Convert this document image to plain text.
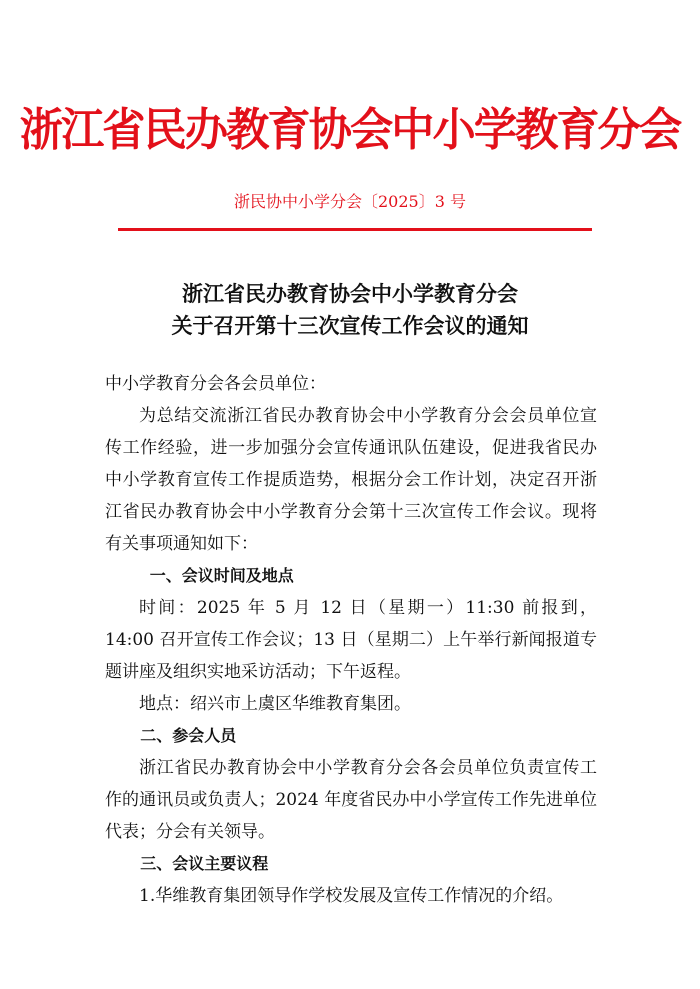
浙江省民办教育协会中小学教育分会
浙民协中小学分会〔2025〕3 号
浙江省民办教育协会中小学教育分会
关于召开第十三次宣传工作会议的通知

中小学教育分会各会员单位：

为总结交流浙江省民办教育协会中小学教育分会会员单位宣传工作经验，进一步加强分会宣传通讯队伍建设，促进我省民办中小学教育宣传工作提质造势，根据分会工作计划，决定召开浙江省民办教育协会中小学教育分会第十三次宣传工作会议。现将有关事项通知如下：

一、会议时间及地点

时间：2025 年 5 月 12 日（星期一）11:30 前报到，14:00 召开宣传工作会议；13 日（星期二）上午举行新闻报道专题讲座及组织实地采访活动；下午返程。

地点：绍兴市上虞区华维教育集团。

二、参会人员

浙江省民办教育协会中小学教育分会各会员单位负责宣传工作的通讯员或负责人；2024 年度省民办中小学宣传工作先进单位代表；分会有关领导。

三、会议主要议程

1.华维教育集团领导作学校发展及宣传工作情况的介绍。
